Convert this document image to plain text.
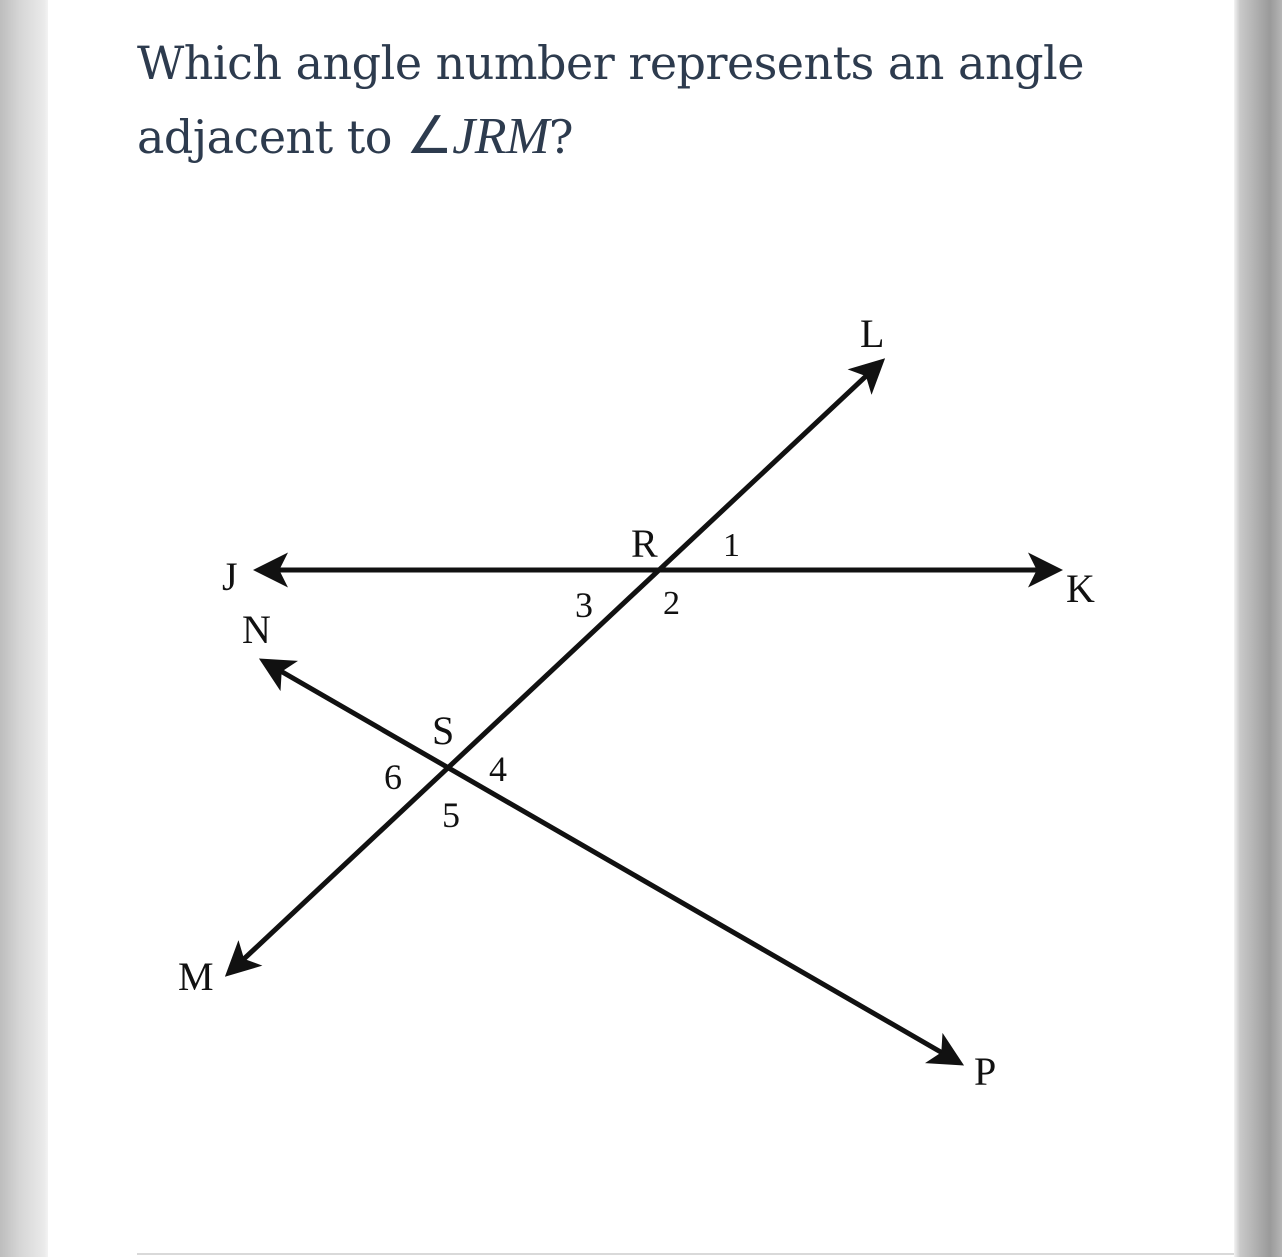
Which angle number represents an angle adjacent to ∠JRM?

L
J	K
N
R
S
M
P
1
2
3
4
5
6
